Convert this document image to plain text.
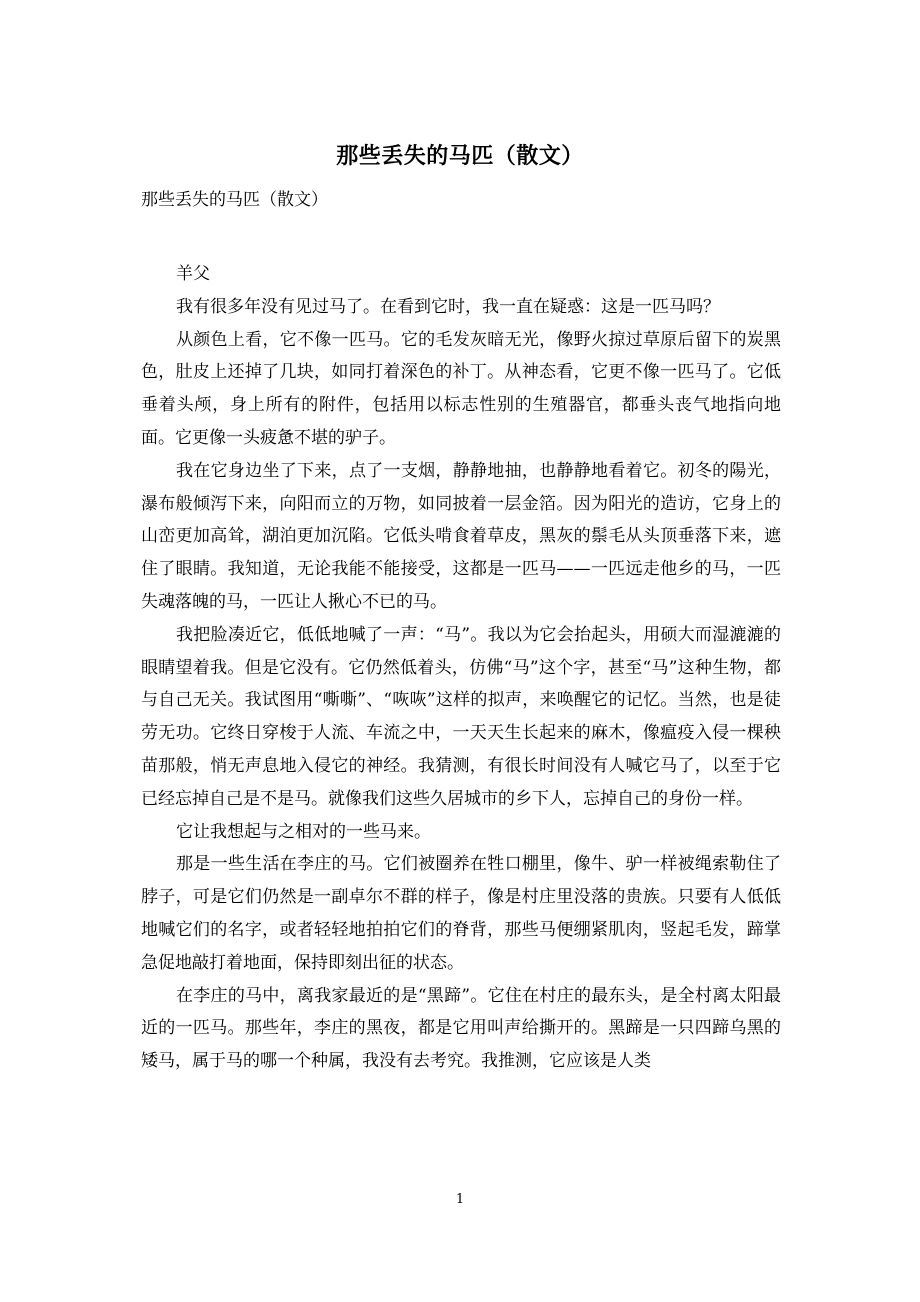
那些丢失的马匹（散文）
那些丢失的马匹（散文）

羊父

我有很多年没有见过马了。在看到它时，我一直在疑惑：这是一匹马吗？

从颜色上看，它不像一匹马。它的毛发灰暗无光，像野火掠过草原后留下的炭黑色，肚皮上还掉了几块，如同打着深色的补丁。从神态看，它更不像一匹马了。它低垂着头颅，身上所有的附件，包括用以标志性别的生殖器官，都垂头丧气地指向地面。它更像一头疲惫不堪的驴子。

我在它身边坐了下来，点了一支烟，静静地抽，也静静地看着它。初冬的陽光，瀑布般倾泻下来，向阳而立的万物，如同披着一层金箔。因为阳光的造访，它身上的山峦更加高耸，湖泊更加沉陷。它低头啃食着草皮，黑灰的鬃毛从头顶垂落下来，遮住了眼睛。我知道，无论我能不能接受，这都是一匹马——一匹远走他乡的马，一匹失魂落魄的马，一匹让人揪心不已的马。

我把脸凑近它，低低地喊了一声：“马”。我以为它会抬起头，用硕大而湿漉漉的眼睛望着我。但是它没有。它仍然低着头，仿佛“马”这个字，甚至“马”这种生物，都与自己无关。我试图用“嘶嘶”、“咴咴”这样的拟声，来唤醒它的记忆。当然，也是徒劳无功。它终日穿梭于人流、车流之中，一天天生长起来的麻木，像瘟疫入侵一棵秧苗那般，悄无声息地入侵它的神经。我猜测，有很长时间没有人喊它马了，以至于它已经忘掉自己是不是马。就像我们这些久居城市的乡下人，忘掉自己的身份一样。

它让我想起与之相对的一些马来。

那是一些生活在李庄的马。它们被圈养在牲口棚里，像牛、驴一样被绳索勒住了脖子，可是它们仍然是一副卓尔不群的样子，像是村庄里没落的贵族。只要有人低低地喊它们的名字，或者轻轻地拍拍它们的脊背，那些马便绷紧肌肉，竖起毛发，蹄掌急促地敲打着地面，保持即刻出征的状态。

在李庄的马中，离我家最近的是“黑蹄”。它住在村庄的最东头，是全村离太阳最近的一匹马。那些年，李庄的黑夜，都是它用叫声给撕开的。黑蹄是一只四蹄乌黑的矮马，属于马的哪一个种属，我没有去考究。我推测，它应该是人类

1
